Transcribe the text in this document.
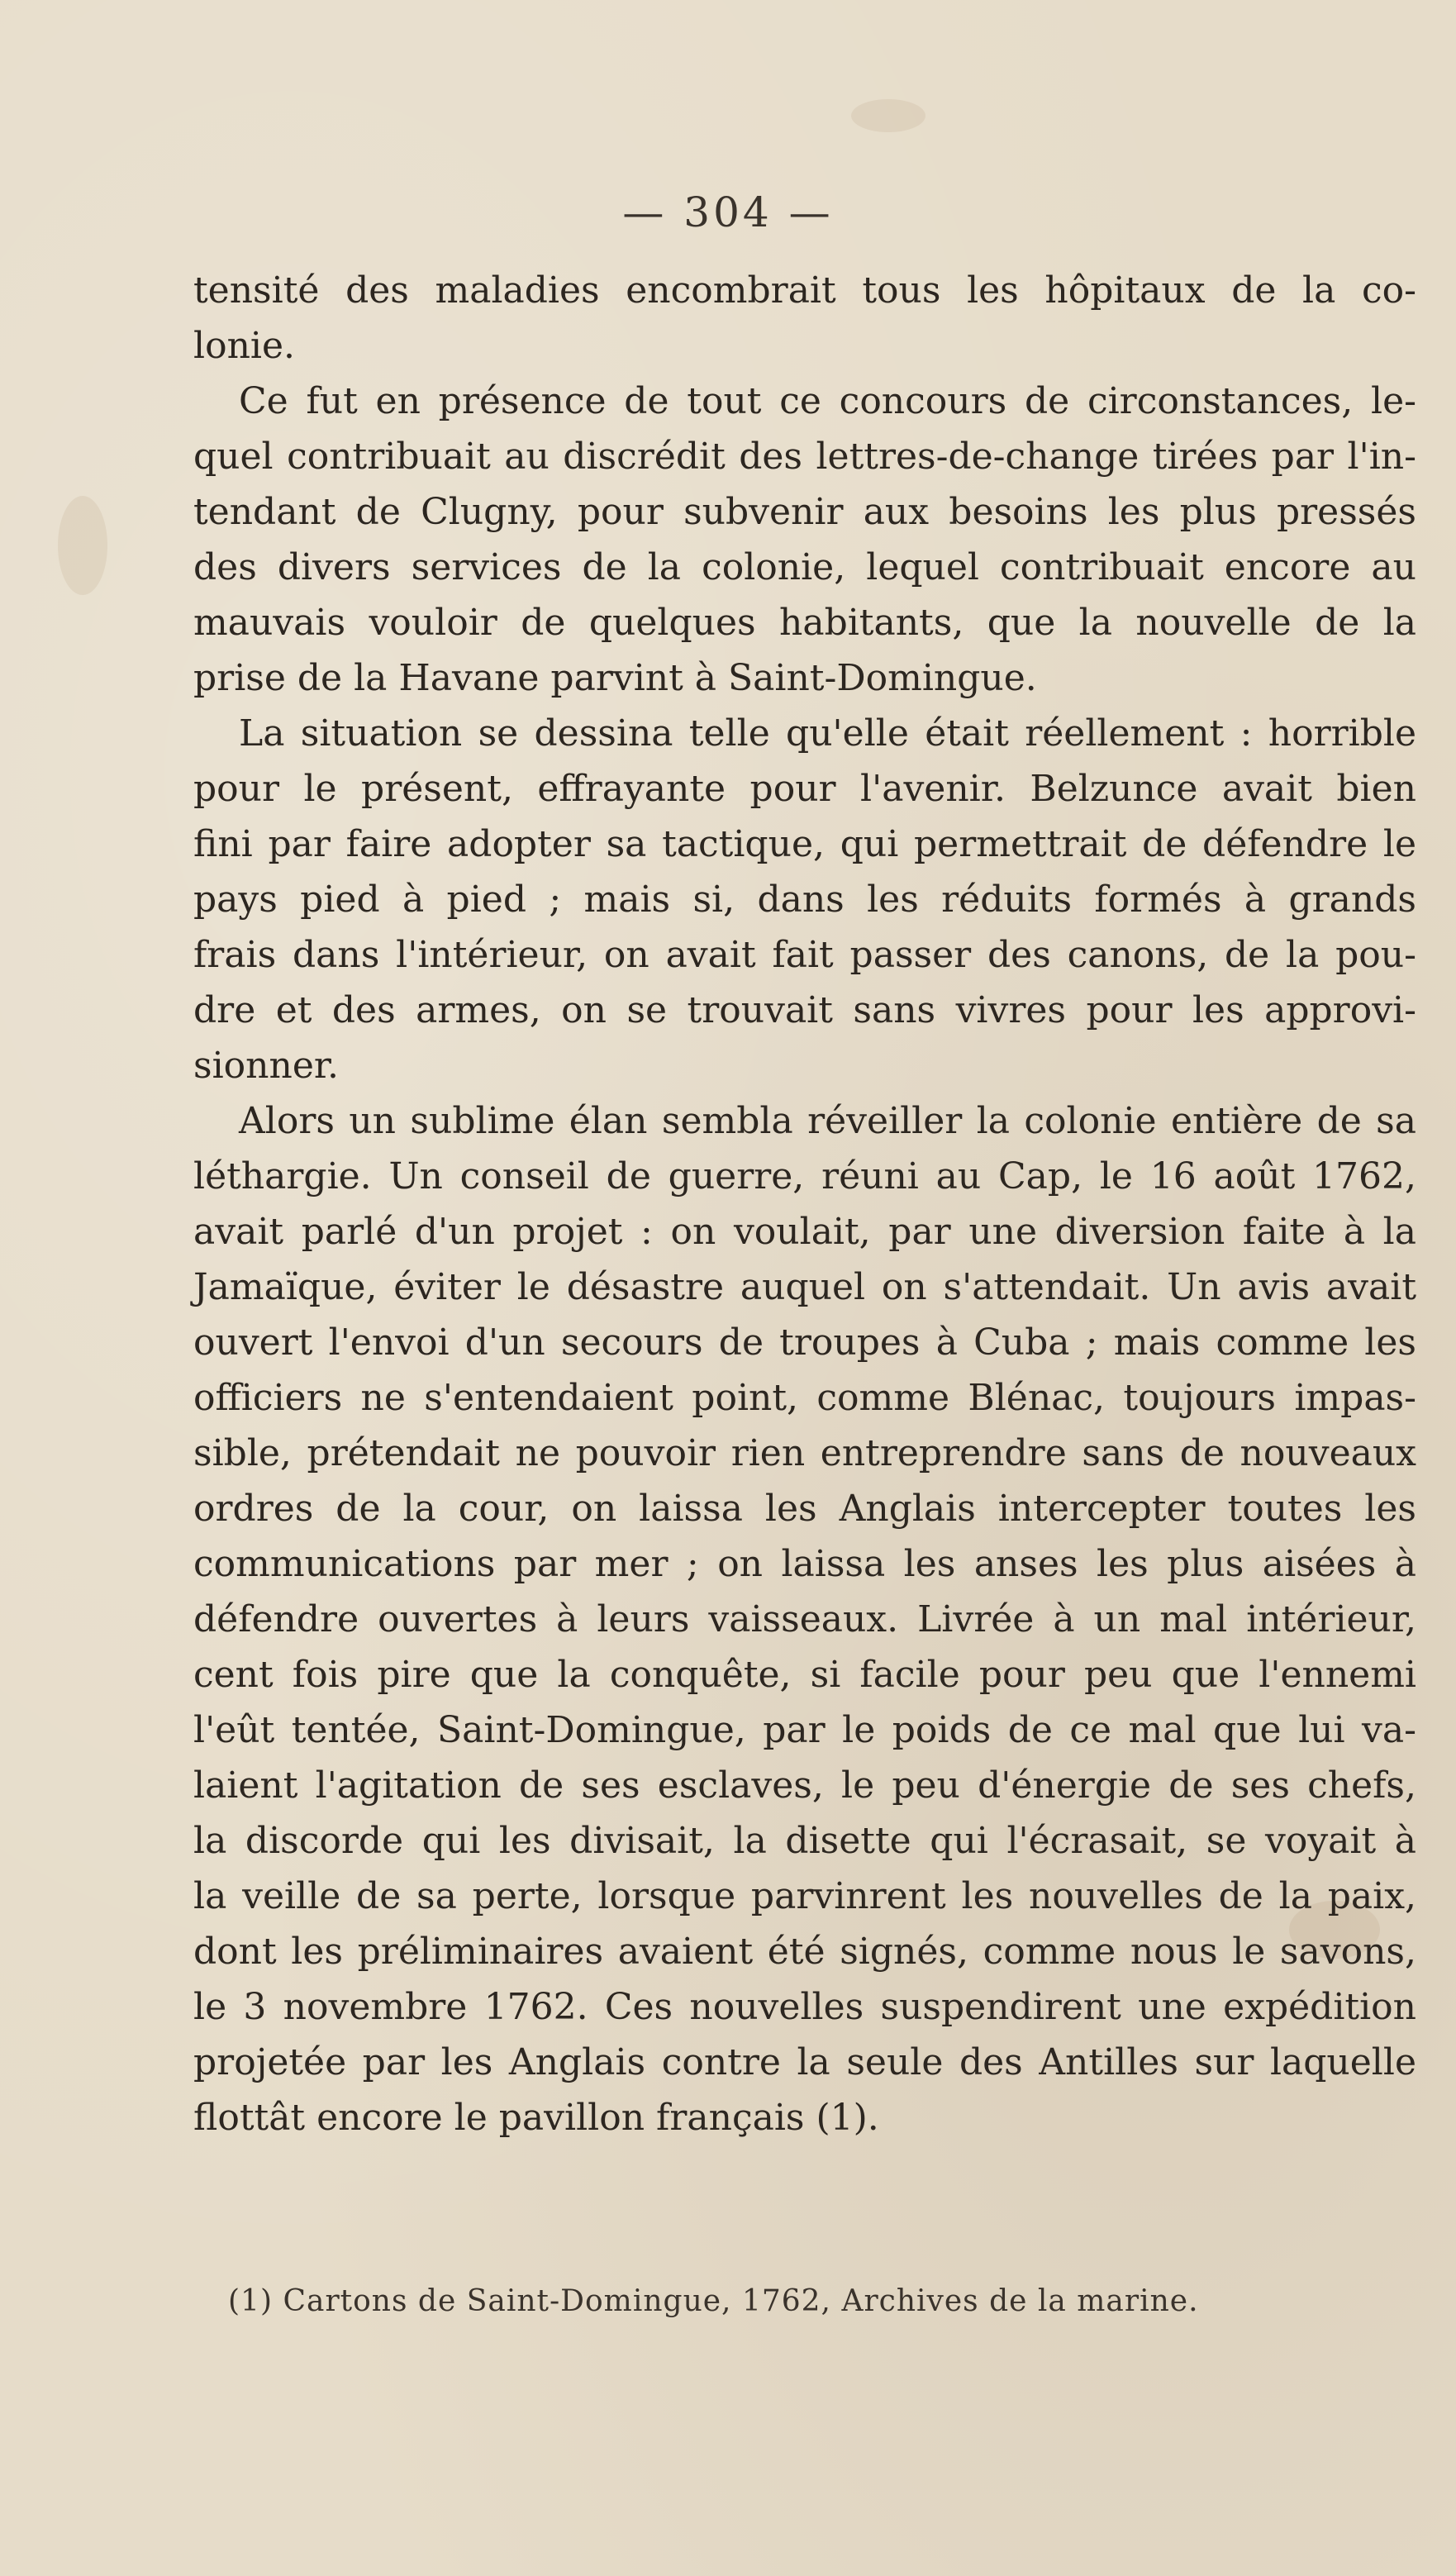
— 304 —
tensité des maladies encombrait tous les hôpitaux de la co-
lonie.
Ce fut en présence de tout ce concours de circonstances, le-
quel contribuait au discrédit des lettres-de-change tirées par l'in-
tendant de Clugny, pour subvenir aux besoins les plus pressés
des divers services de la colonie, lequel contribuait encore au
mauvais vouloir de quelques habitants, que la nouvelle de la
prise de la Havane parvint à Saint-Domingue.
La situation se dessina telle qu'elle était réellement : horrible
pour le présent, effrayante pour l'avenir. Belzunce avait bien
fini par faire adopter sa tactique, qui permettrait de défendre le
pays pied à pied ; mais si, dans les réduits formés à grands
frais dans l'intérieur, on avait fait passer des canons, de la pou-
dre et des armes, on se trouvait sans vivres pour les approvi-
sionner.
Alors un sublime élan sembla réveiller la colonie entière de sa
léthargie. Un conseil de guerre, réuni au Cap, le 16 août 1762,
avait parlé d'un projet : on voulait, par une diversion faite à la
Jamaïque, éviter le désastre auquel on s'attendait. Un avis avait
ouvert l'envoi d'un secours de troupes à Cuba ; mais comme les
officiers ne s'entendaient point, comme Blénac, toujours impas-
sible, prétendait ne pouvoir rien entreprendre sans de nouveaux
ordres de la cour, on laissa les Anglais intercepter toutes les
communications par mer ; on laissa les anses les plus aisées à
défendre ouvertes à leurs vaisseaux. Livrée à un mal intérieur,
cent fois pire que la conquête, si facile pour peu que l'ennemi
l'eût tentée, Saint-Domingue, par le poids de ce mal que lui va-
laient l'agitation de ses esclaves, le peu d'énergie de ses chefs,
la discorde qui les divisait, la disette qui l'écrasait, se voyait à
la veille de sa perte, lorsque parvinrent les nouvelles de la paix,
dont les préliminaires avaient été signés, comme nous le savons,
le 3 novembre 1762. Ces nouvelles suspendirent une expédition
projetée par les Anglais contre la seule des Antilles sur laquelle
flottât encore le pavillon français (1).
(1) Cartons de Saint-Domingue, 1762, Archives de la marine.
